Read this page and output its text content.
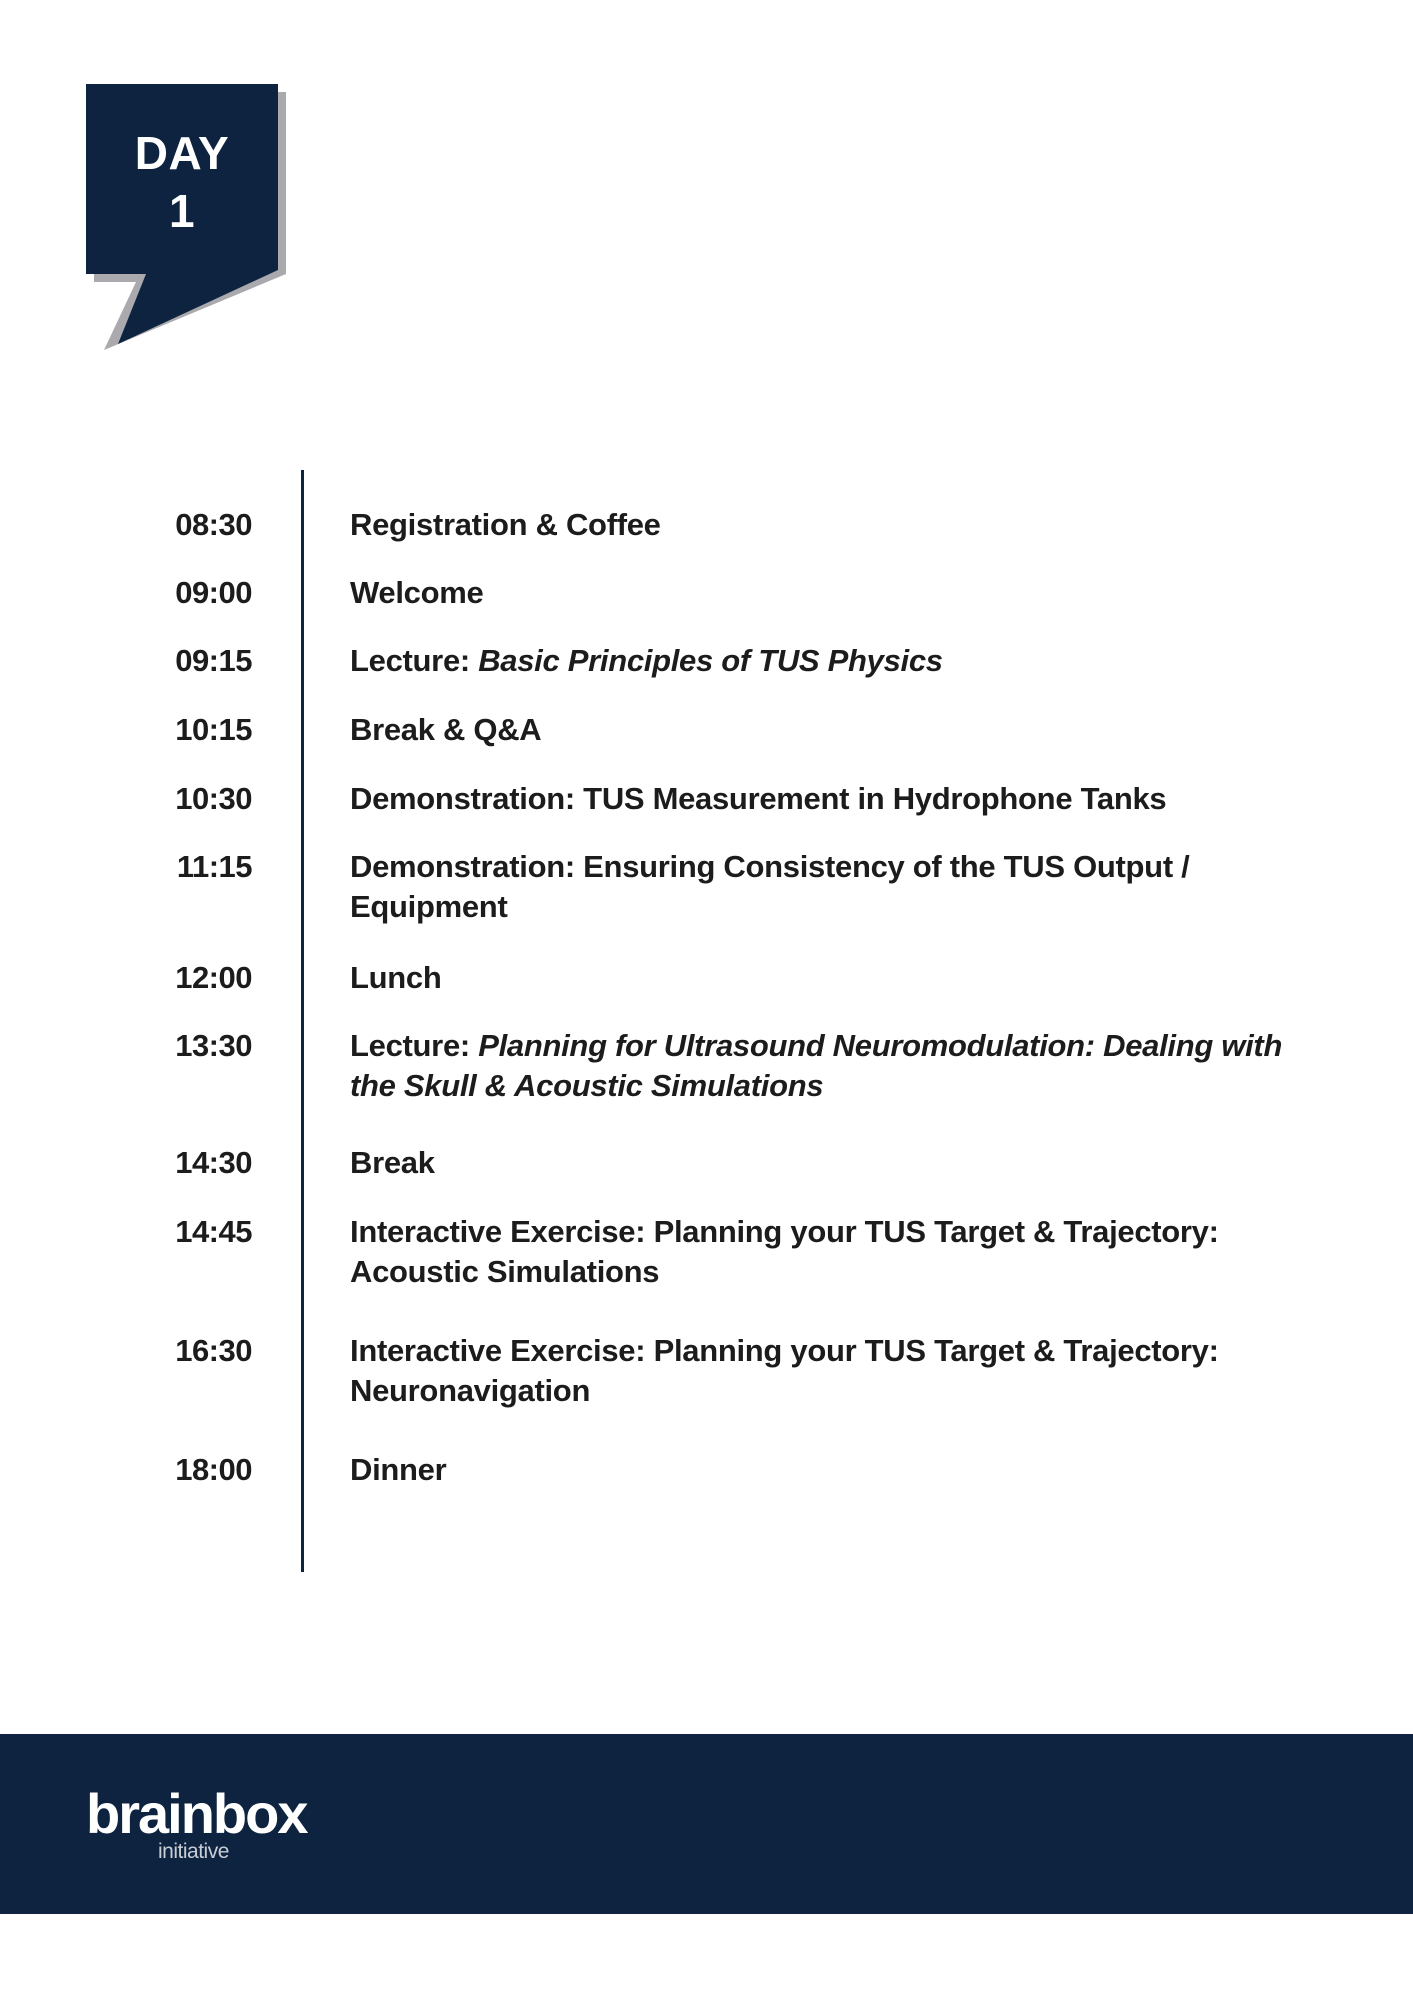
DAY
1
08:30	Registration & Coffee
09:00	Welcome
09:15	Lecture: Basic Principles of TUS Physics
10:15	Break & Q&A
10:30	Demonstration: TUS Measurement in Hydrophone Tanks
11:15	Demonstration: Ensuring Consistency of the TUS Output / Equipment
12:00	Lunch
13:30	Lecture: Planning for Ultrasound Neuromodulation: Dealing with the Skull & Acoustic Simulations
14:30	Break
14:45	Interactive Exercise: Planning your TUS Target & Trajectory: Acoustic Simulations
16:30	Interactive Exercise: Planning your TUS Target & Trajectory: Neuronavigation
18:00	Dinner
brainbox
initiative
